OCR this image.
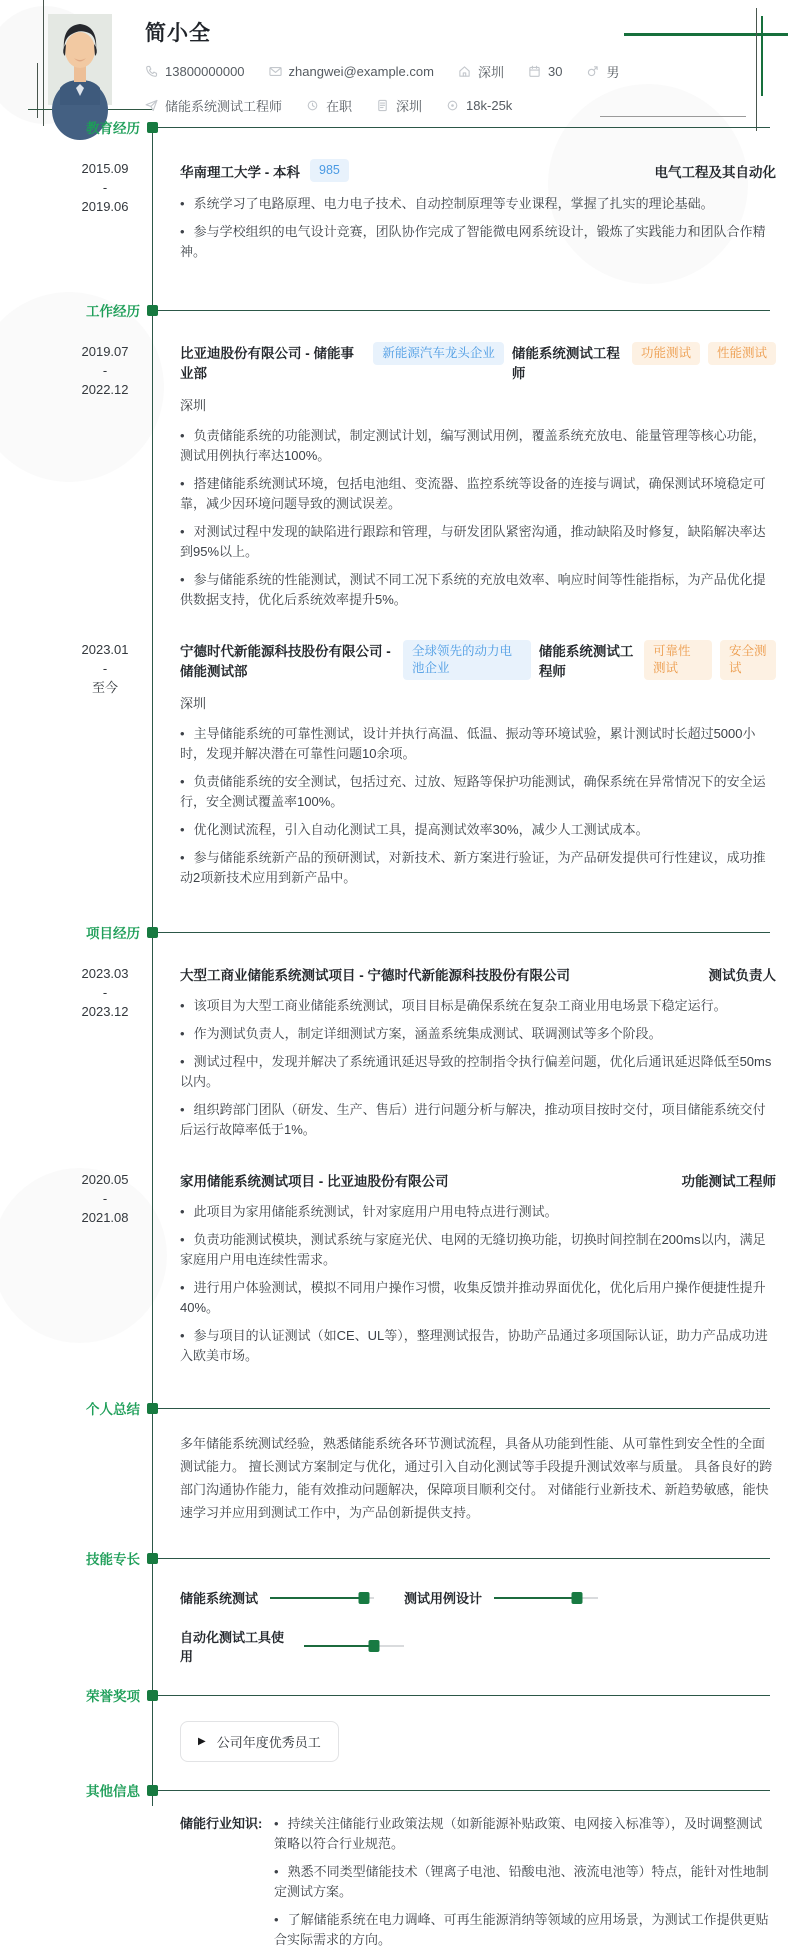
简小全
13800000000	zhangwei@example.com	深圳	30	男
储能系统测试工程师	在职	深圳	18k-25k
教育经历
2015.09
-
2019.06
华南理工大学 - 本科	985	电气工程及其自动化
• 系统学习了电路原理、电力电子技术、自动控制原理等专业课程，掌握了扎实的理论基础。
• 参与学校组织的电气设计竞赛，团队协作完成了智能微电网系统设计，锻炼了实践能力和团队合作精神。
工作经历
2019.07
-
2022.12
比亚迪股份有限公司 - 储能事业部
新能源汽车龙头企业	储能系统测试工程师
功能测试	性能测试
深圳
• 负责储能系统的功能测试，制定测试计划，编写测试用例，覆盖系统充放电、能量管理等核心功能，测试用例执行率达100%。
• 搭建储能系统测试环境，包括电池组、变流器、监控系统等设备的连接与调试，确保测试环境稳定可靠，减少因环境问题导致的测试误差。
• 对测试过程中发现的缺陷进行跟踪和管理，与研发团队紧密沟通，推动缺陷及时修复，缺陷解决率达到95%以上。
• 参与储能系统的性能测试，测试不同工况下系统的充放电效率、响应时间等性能指标，为产品优化提供数据支持，优化后系统效率提升5%。
2023.01
-
至今
宁德时代新能源科技股份有限公司 - 储能测试部
全球领先的动力电池企业
储能系统测试工程师
可靠性测试
安全测试
深圳
• 主导储能系统的可靠性测试，设计并执行高温、低温、振动等环境试验，累计测试时长超过5000小时，发现并解决潜在可靠性问题10余项。
• 负责储能系统的安全测试，包括过充、过放、短路等保护功能测试，确保系统在异常情况下的安全运行，安全测试覆盖率100%。
• 优化测试流程，引入自动化测试工具，提高测试效率30%，减少人工测试成本。
• 参与储能系统新产品的预研测试，对新技术、新方案进行验证，为产品研发提供可行性建议，成功推动2项新技术应用到新产品中。
项目经历
2023.03
-
2023.12
大型工商业储能系统测试项目 - 宁德时代新能源科技股份有限公司	测试负责人
• 该项目为大型工商业储能系统测试，项目目标是确保系统在复杂工商业用电场景下稳定运行。
• 作为测试负责人，制定详细测试方案，涵盖系统集成测试、联调测试等多个阶段。
• 测试过程中，发现并解决了系统通讯延迟导致的控制指令执行偏差问题，优化后通讯延迟降低至50ms以内。
• 组织跨部门团队（研发、生产、售后）进行问题分析与解决，推动项目按时交付，项目储能系统交付后运行故障率低于1%。
2020.05
-
2021.08
家用储能系统测试项目 - 比亚迪股份有限公司	功能测试工程师
• 此项目为家用储能系统测试，针对家庭用户用电特点进行测试。
• 负责功能测试模块，测试系统与家庭光伏、电网的无缝切换功能，切换时间控制在200ms以内，满足家庭用户用电连续性需求。
• 进行用户体验测试，模拟不同用户操作习惯，收集反馈并推动界面优化，优化后用户操作便捷性提升40%。
• 参与项目的认证测试（如CE、UL等），整理测试报告，协助产品通过多项国际认证，助力产品成功进入欧美市场。
个人总结
多年储能系统测试经验，熟悉储能系统各环节测试流程，具备从功能到性能、从可靠性到安全性的全面测试能力。 擅长测试方案制定与优化，通过引入自动化测试等手段提升测试效率与质量。 具备良好的跨部门沟通协作能力，能有效推动问题解决，保障项目顺利交付。 对储能行业新技术、新趋势敏感，能快速学习并应用到测试工作中，为产品创新提供支持。
技能专长
储能系统测试	测试用例设计
自动化测试工具使用
荣誉奖项
▶ 公司年度优秀员工
其他信息
储能行业知识:	• 持续关注储能行业政策法规（如新能源补贴政策、电网接入标准等），及时调整测试策略以符合行业规范。
• 熟悉不同类型储能技术（锂离子电池、铅酸电池、液流电池等）特点，能针对性地制定测试方案。
• 了解储能系统在电力调峰、可再生能源消纳等领域的应用场景，为测试工作提供更贴合实际需求的方向。
